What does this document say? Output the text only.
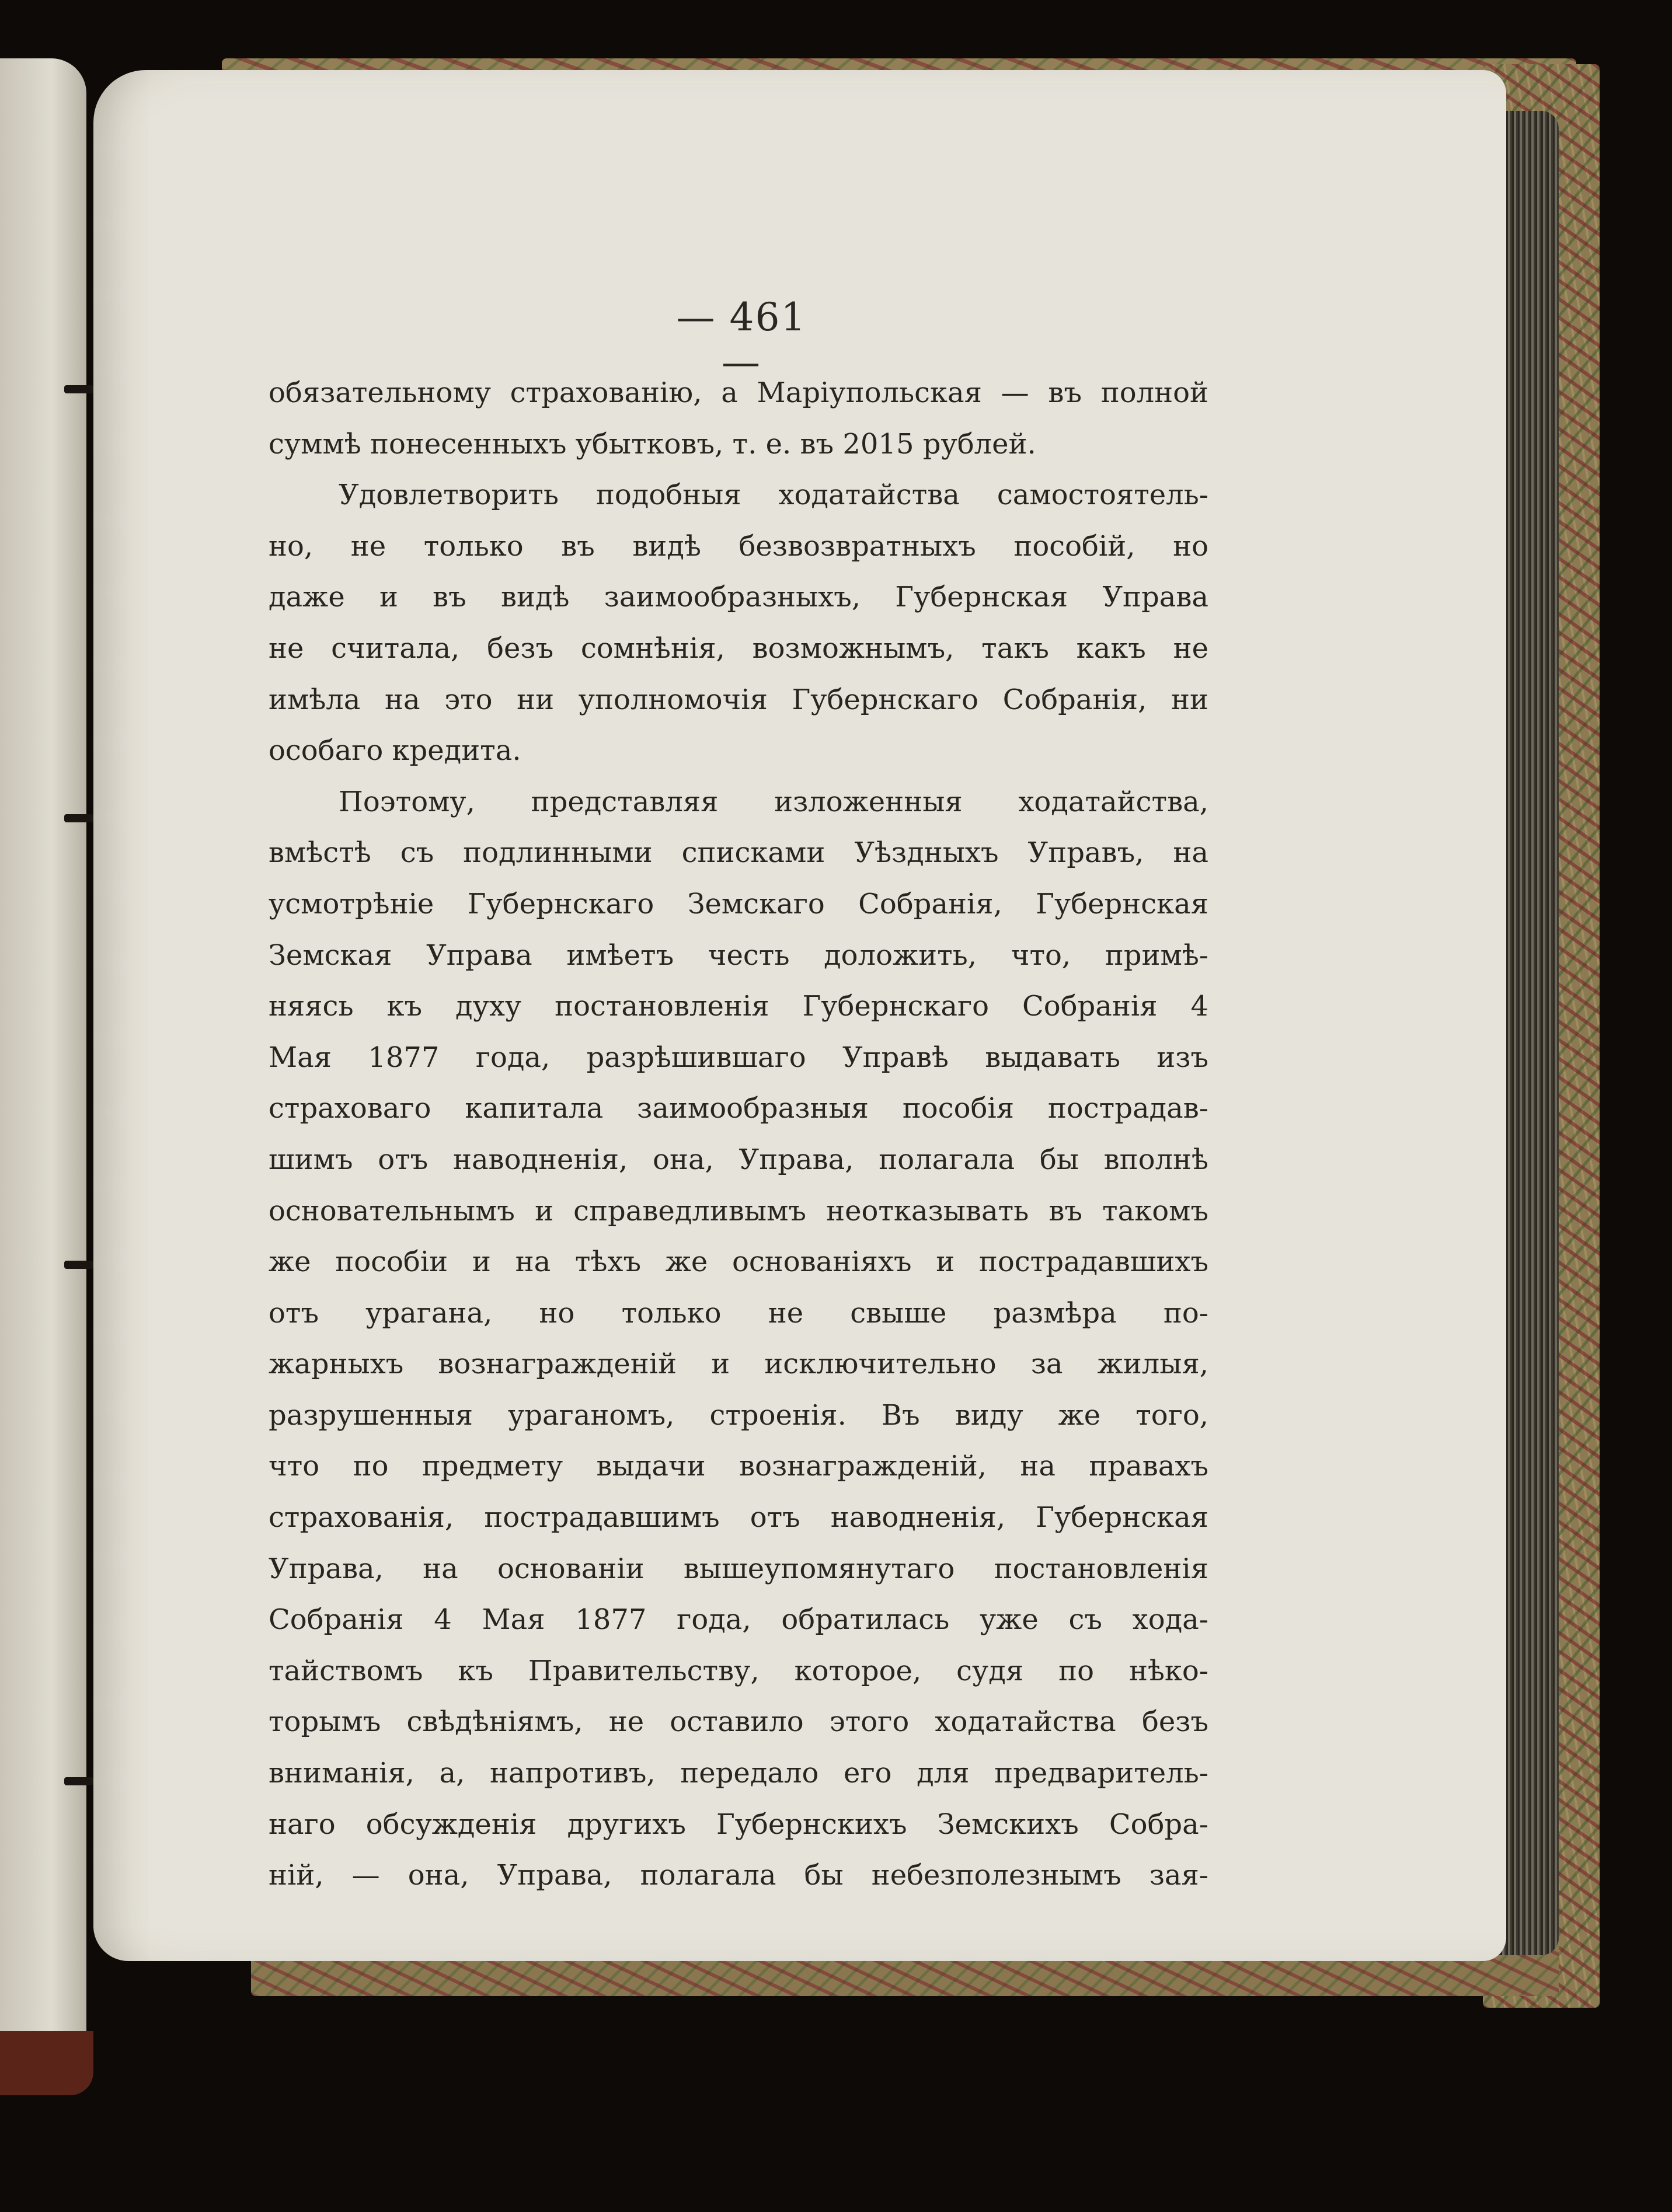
— 461 —
обязательному страхованію, а Маріупольская — въ полной
суммѣ понесенныхъ убытковъ, т. е. въ 2015 рублей.
Удовлетворить подобныя ходатайства самостоятель-
но, не только въ видѣ безвозвратныхъ пособій, но
даже и въ видѣ заимообразныхъ, Губернская Управа
не считала, безъ сомнѣнія, возможнымъ, такъ какъ не
имѣла на это ни уполномочія Губернскаго Собранія, ни
особаго кредита.
Поэтому, представляя изложенныя ходатайства,
вмѣстѣ съ подлинными списками Уѣздныхъ Управъ, на
усмотрѣніе Губернскаго Земскаго Собранія, Губернская
Земская Управа имѣетъ честь доложить, что, примѣ-
няясь къ духу постановленія Губернскаго Собранія 4
Мая 1877 года, разрѣшившаго Управѣ выдавать изъ
страховаго капитала заимообразныя пособія пострадав-
шимъ отъ наводненія, она, Управа, полагала бы вполнѣ
основательнымъ и справедливымъ неотказывать въ такомъ
же пособіи и на тѣхъ же основаніяхъ и пострадавшихъ
отъ урагана, но только не свыше размѣра по-
жарныхъ вознагражденій и исключительно за жилыя,
разрушенныя ураганомъ, строенія. Въ виду же того,
что по предмету выдачи вознагражденій, на правахъ
страхованія, пострадавшимъ отъ наводненія, Губернская
Управа, на основаніи вышеупомянутаго постановленія
Собранія 4 Мая 1877 года, обратилась уже съ хода-
тайствомъ къ Правительству, которое, судя по нѣко-
торымъ свѣдѣніямъ, не оставило этого ходатайства безъ
вниманія, а, напротивъ, передало его для предваритель-
наго обсужденія другихъ Губернскихъ Земскихъ Собра-
ній, — она, Управа, полагала бы небезполезнымъ зая-
